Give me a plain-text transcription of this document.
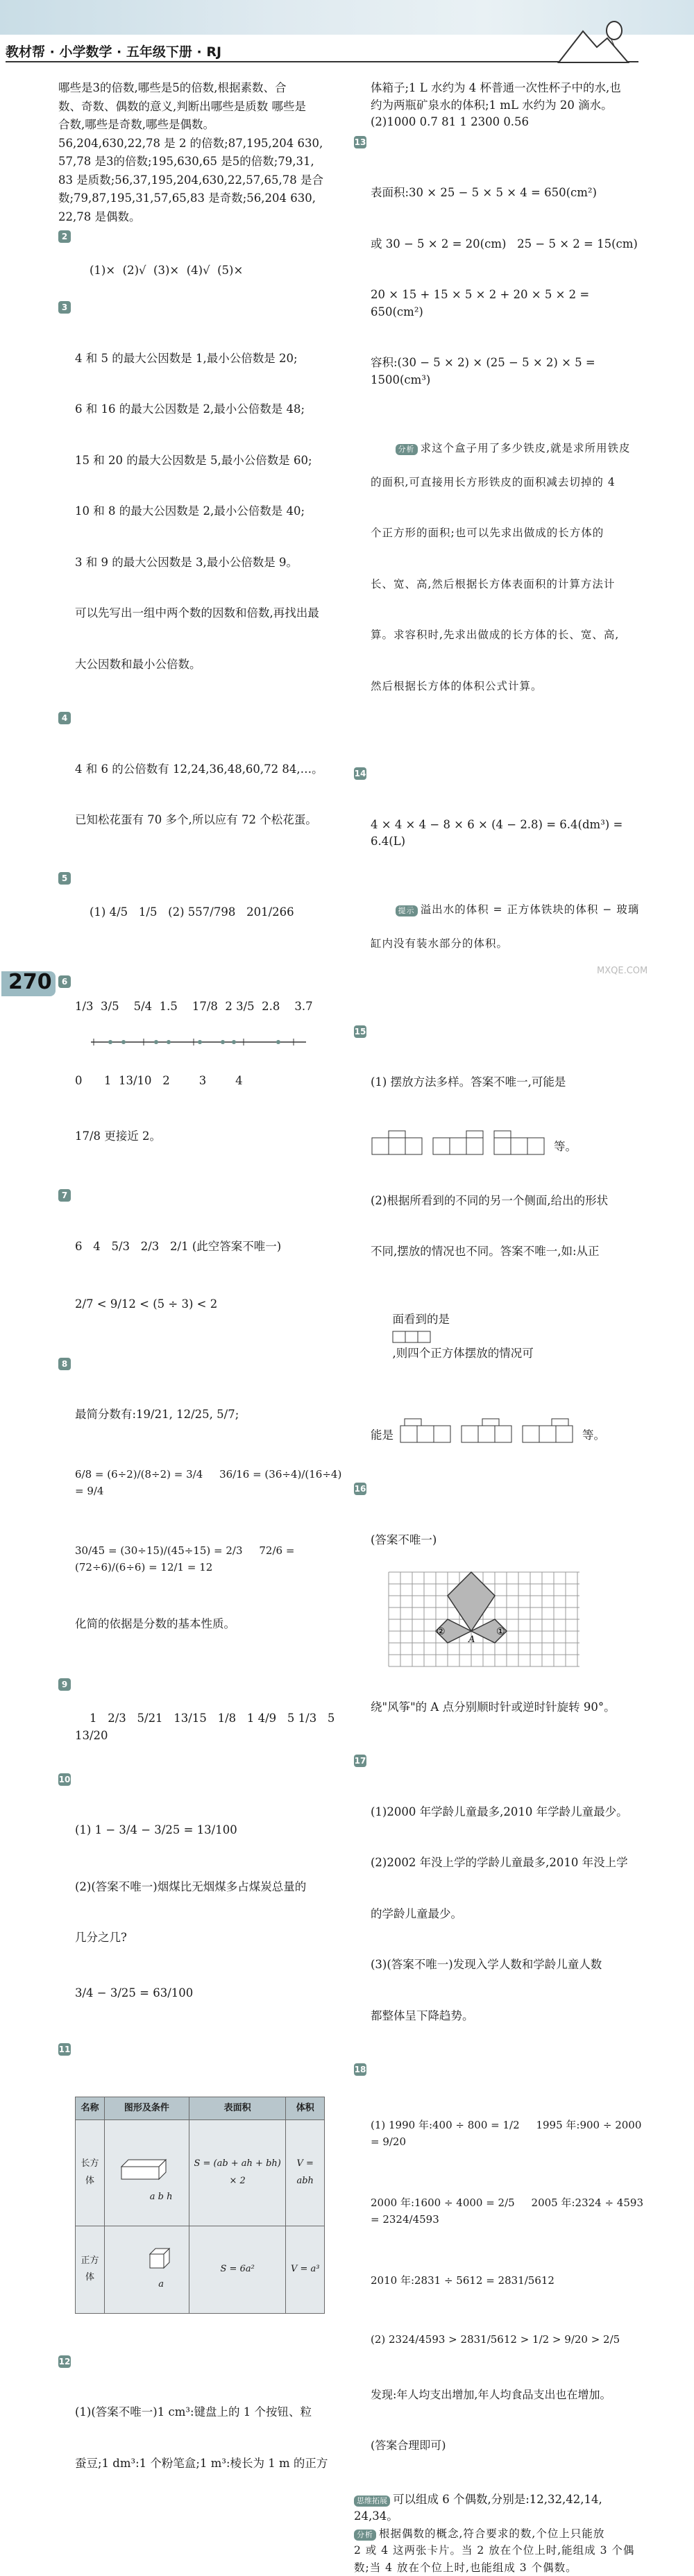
教材帮 · 小学数学 · 五年级下册 · RJ
哪些是3的倍数,哪些是5的倍数,根据素数、合
数、奇数、偶数的意义,判断出哪些是质数 哪些是
合数,哪些是奇数,哪些是偶数。
56,204,630,22,78 是 2 的倍数;87,195,204 630,
57,78 是3的倍数;195,630,65 是5的倍数;79,31,
83 是质数;56,37,195,204,630,22,57,65,78 是合
数;79,87,195,31,57,65,83 是奇数;56,204 630,
22,78 是偶数。

2

(1)×  (2)√  (3)×  (4)√  (5)×

3

4 和 5 的最大公因数是 1,最小公倍数是 20;

6 和 16 的最大公因数是 2,最小公倍数是 48;

15 和 20 的最大公因数是 5,最小公倍数是 60;

10 和 8 的最大公因数是 2,最小公倍数是 40;

3 和 9 的最大公因数是 3,最小公倍数是 9。

可以先写出一组中两个数的因数和倍数,再找出最

大公因数和最小公倍数。

4

4 和 6 的公倍数有 12,24,36,48,60,72 84,…。

已知松花蛋有 70 多个,所以应有 72 个松花蛋。

5

(1) 4/5   1/5   (2) 557/798   201/266

6

1/3  3/5    5/4  1.5    17/8  2 3/5  2.8    3.7

0      1  13/10   2        3        4

17/8 更接近 2。

7

6   4   5/3   2/3   2/1 (此空答案不唯一)

2/7 < 9/12 < (5 ÷ 3) < 2

8

最简分数有:19/21, 12/25, 5/7;

6/8 = (6÷2)/(8÷2) = 3/4     36/16 = (36÷4)/(16÷4) = 9/4

30/45 = (30÷15)/(45÷15) = 2/3     72/6 = (72÷6)/(6÷6) = 12/1 = 12

化简的依据是分数的基本性质。

9

1   2/3   5/21   13/15   1/8   1 4/9   5 1/3   5 13/20

10

(1) 1 − 3/4 − 3/25 = 13/100

(2)(答案不唯一)烟煤比无烟煤多占煤炭总量的

几分之几?

3/4 − 3/25 = 63/100

11

名称	图形及条件	表面积	体积
长方体	a b h	S = (ab + ah + bh) × 2	V = abh
正方体	a	S = 6a²	V = a³

12

(1)(答案不唯一)1 cm³:键盘上的 1 个按钮、粒

蚕豆;1 dm³:1 个粉笔盒;1 m³:棱长为 1 m 的正方

体箱子;1 L 水约为 4 杯普通一次性杯子中的水,也
约为两瓶矿泉水的体积;1 mL 水约为 20 滴水。
(2)1000 0.7 81 1 2300 0.56

13

表面积:30 × 25 − 5 × 5 × 4 = 650(cm²)

或 30 − 5 × 2 = 20(cm)   25 − 5 × 2 = 15(cm)

20 × 15 + 15 × 5 × 2 + 20 × 5 × 2 = 650(cm²)

容积:(30 − 5 × 2) × (25 − 5 × 2) × 5 = 1500(cm³)

分析 求这个盒子用了多少铁皮,就是求所用铁皮

的面积,可直接用长方形铁皮的面积减去切掉的 4

个正方形的面积;也可以先求出做成的长方体的

长、宽、高,然后根据长方体表面积的计算方法计

算。求容积时,先求出做成的长方体的长、宽、高,

然后根据长方体的体积公式计算。

14

4 × 4 × 4 − 8 × 6 × (4 − 2.8) = 6.4(dm³) = 6.4(L)

提示 溢出水的体积 = 正方体铁块的体积 − 玻璃

缸内没有装水部分的体积。

15

(1) 摆放方法多样。答案不唯一,可能是

等。

(2)根据所看到的不同的另一个侧面,给出的形状

不同,摆放的情况也不同。答案不唯一,如:从正

面看到的是

,则四个正方体摆放的情况可

能是	等。

16

(答案不唯一)

②	①
A

绕"风筝"的 A 点分别顺时针或逆时针旋转 90°。

17

(1)2000 年学龄儿童最多,2010 年学龄儿童最少。

(2)2002 年没上学的学龄儿童最多,2010 年没上学

的学龄儿童最少。

(3)(答案不唯一)发现入学人数和学龄儿童人数

都整体呈下降趋势。

18

(1) 1990 年:400 ÷ 800 = 1/2     1995 年:900 ÷ 2000 = 9/20

2000 年:1600 ÷ 4000 = 2/5     2005 年:2324 ÷ 4593 = 2324/4593

2010 年:2831 ÷ 5612 = 2831/5612

(2) 2324/4593 > 2831/5612 > 1/2 > 9/20 > 2/5

发现:年人均支出增加,年人均食品支出也在增加。

(答案合理即可)

思维拓展 可以组成 6 个偶数,分别是:12,32,42,14,
24,34。
分析 根据偶数的概念,符合要求的数,个位上只能放
2 或 4 这两张卡片。当 2 放在个位上时,能组成 3 个偶
数;当 4 放在个位上时,也能组成 3 个偶数。
270	MXQE.COM
